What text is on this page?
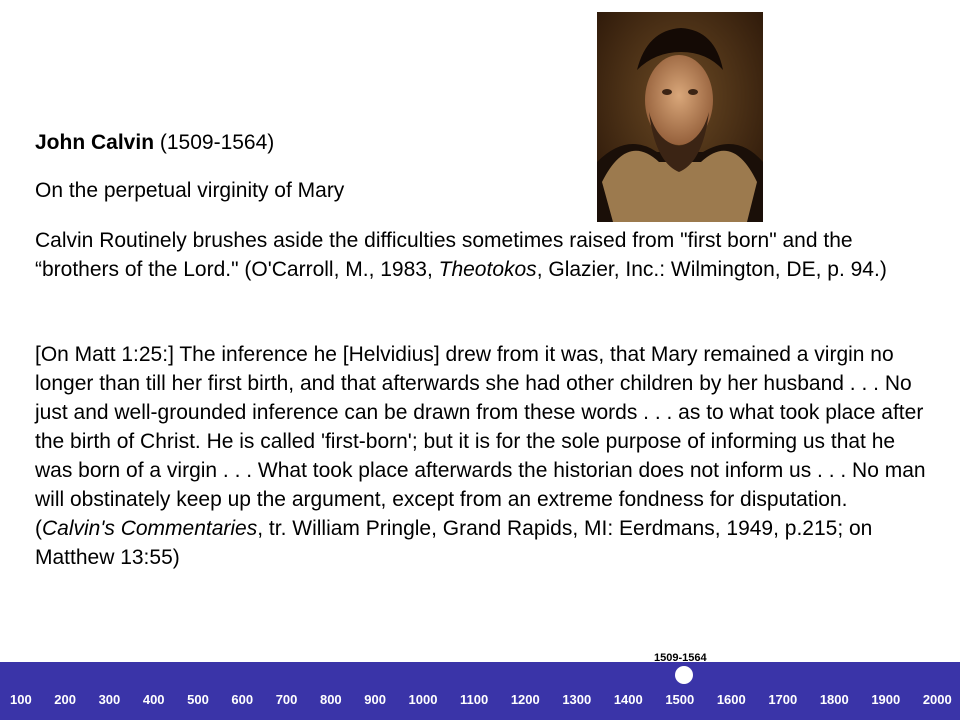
John Calvin (1509-1564)
On the perpetual virginity of Mary
Calvin Routinely brushes aside the difficulties sometimes raised from "first born" and the “brothers of the Lord." (O'Carroll, M., 1983, Theotokos, Glazier, Inc.: Wilmington, DE, p. 94.)
[On Matt 1:25:] The inference he [Helvidius] drew from it was, that Mary remained a virgin no longer than till her first birth, and that afterwards she had other children by her husband . . . No just and well-grounded inference can be drawn from these words . . . as to what took place after the birth of Christ. He is called 'first-born'; but it is for the sole purpose of informing us that he was born of a virgin . . . What took place afterwards the historian does not inform us . . . No man will obstinately keep up the argument, except from an extreme fondness for disputation.
(Calvin's Commentaries, tr. William Pringle, Grand Rapids, MI: Eerdmans, 1949, p.215; on Matthew 13:55)
1509-1564
100 200 300 400 500 600 700 800 900 1000 1100 1200 1300 1400 1500 1600 1700 1800 1900 2000
